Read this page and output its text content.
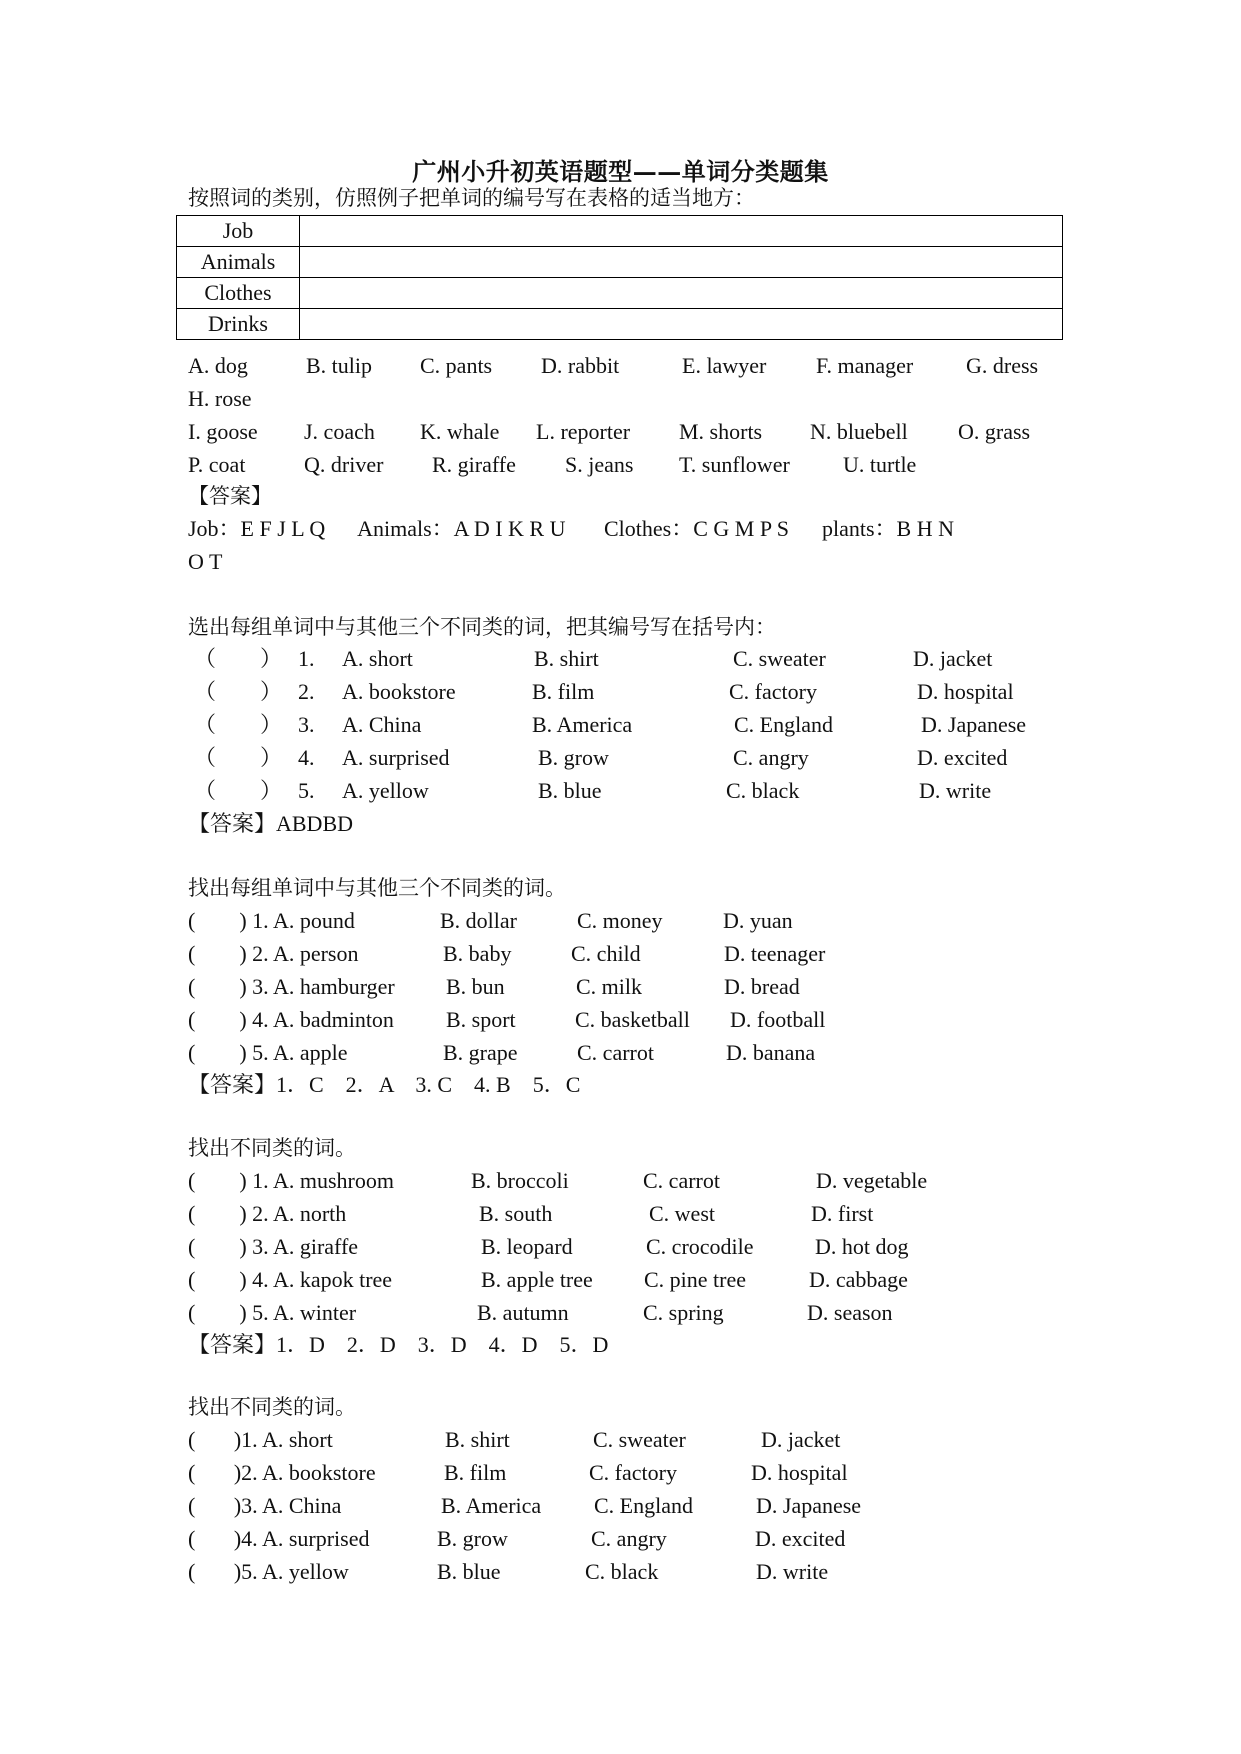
广州小升初英语题型——单词分类题集
按照词的类别，仿照例子把单词的编号写在表格的适当地方：
Job	
Animals	
Clothes	
Drinks	
A. dog	B. tulip C. pants D. rabbit	E. lawyer F. manager G. dress
H. rose
I. goose J. coach K. whale L. reporter M. shorts N. bluebell O. grass
P. coat	Q. driver R. giraffe S. jeans T. sunflower U. turtle
【答案】
Job：E F J L Q      Animals：A D I K R U       Clothes：C G M P S      plants：B H N
O T
选出每组单词中与其他三个不同类的词，把其编号写在括号内：
（        ） 1. A. short	B. shirt	C. sweater	D. jacket
（        ） 2. A. bookstore	B. film	C. factory	D. hospital
（        ） 3. A. China	B. America	C. England	D. Japanese
（        ） 4. A. surprised	B. grow	C. angry	D. excited
（        ） 5. A. yellow	B. blue	C. black	D. write
【答案】ABDBD
找出每组单词中与其他三个不同类的词。
(        ) 1. A. pound	B. dollar	C. money	D. yuan
(        ) 2. A. person	B. baby	C. child	D. teenager
(        ) 3. A. hamburger B. bun	C. milk	D. bread
(        ) 4. A. badminton B. sport	C. basketball D. football
(        ) 5. A. apple	B. grape	C. carrot	D. banana
【答案】1．C    2．A    3. C    4. B    5．C
找出不同类的词。
(        ) 1. A. mushroom	B. broccoli	C. carrot	D. vegetable
(        ) 2. A. north	B. south	C. west	D. first
(        ) 3. A. giraffe	B. leopard	C. crocodile	D. hot dog
(        ) 4. A. kapok tree	B. apple tree C. pine tree	D. cabbage
(        ) 5. A. winter	B. autumn	C. spring	D. season
【答案】1．D    2．D    3．D    4．D    5．D
找出不同类的词。
(       )1. A. short	B. shirt	C. sweater	D. jacket
(       )2. A. bookstore	B. film	C. factory	D. hospital
(       )3. A. China	B. America C. England	D. Japanese
(       )4. A. surprised	B. grow	C. angry	D. excited
(       )5. A. yellow	B. blue	C. black	D. write
